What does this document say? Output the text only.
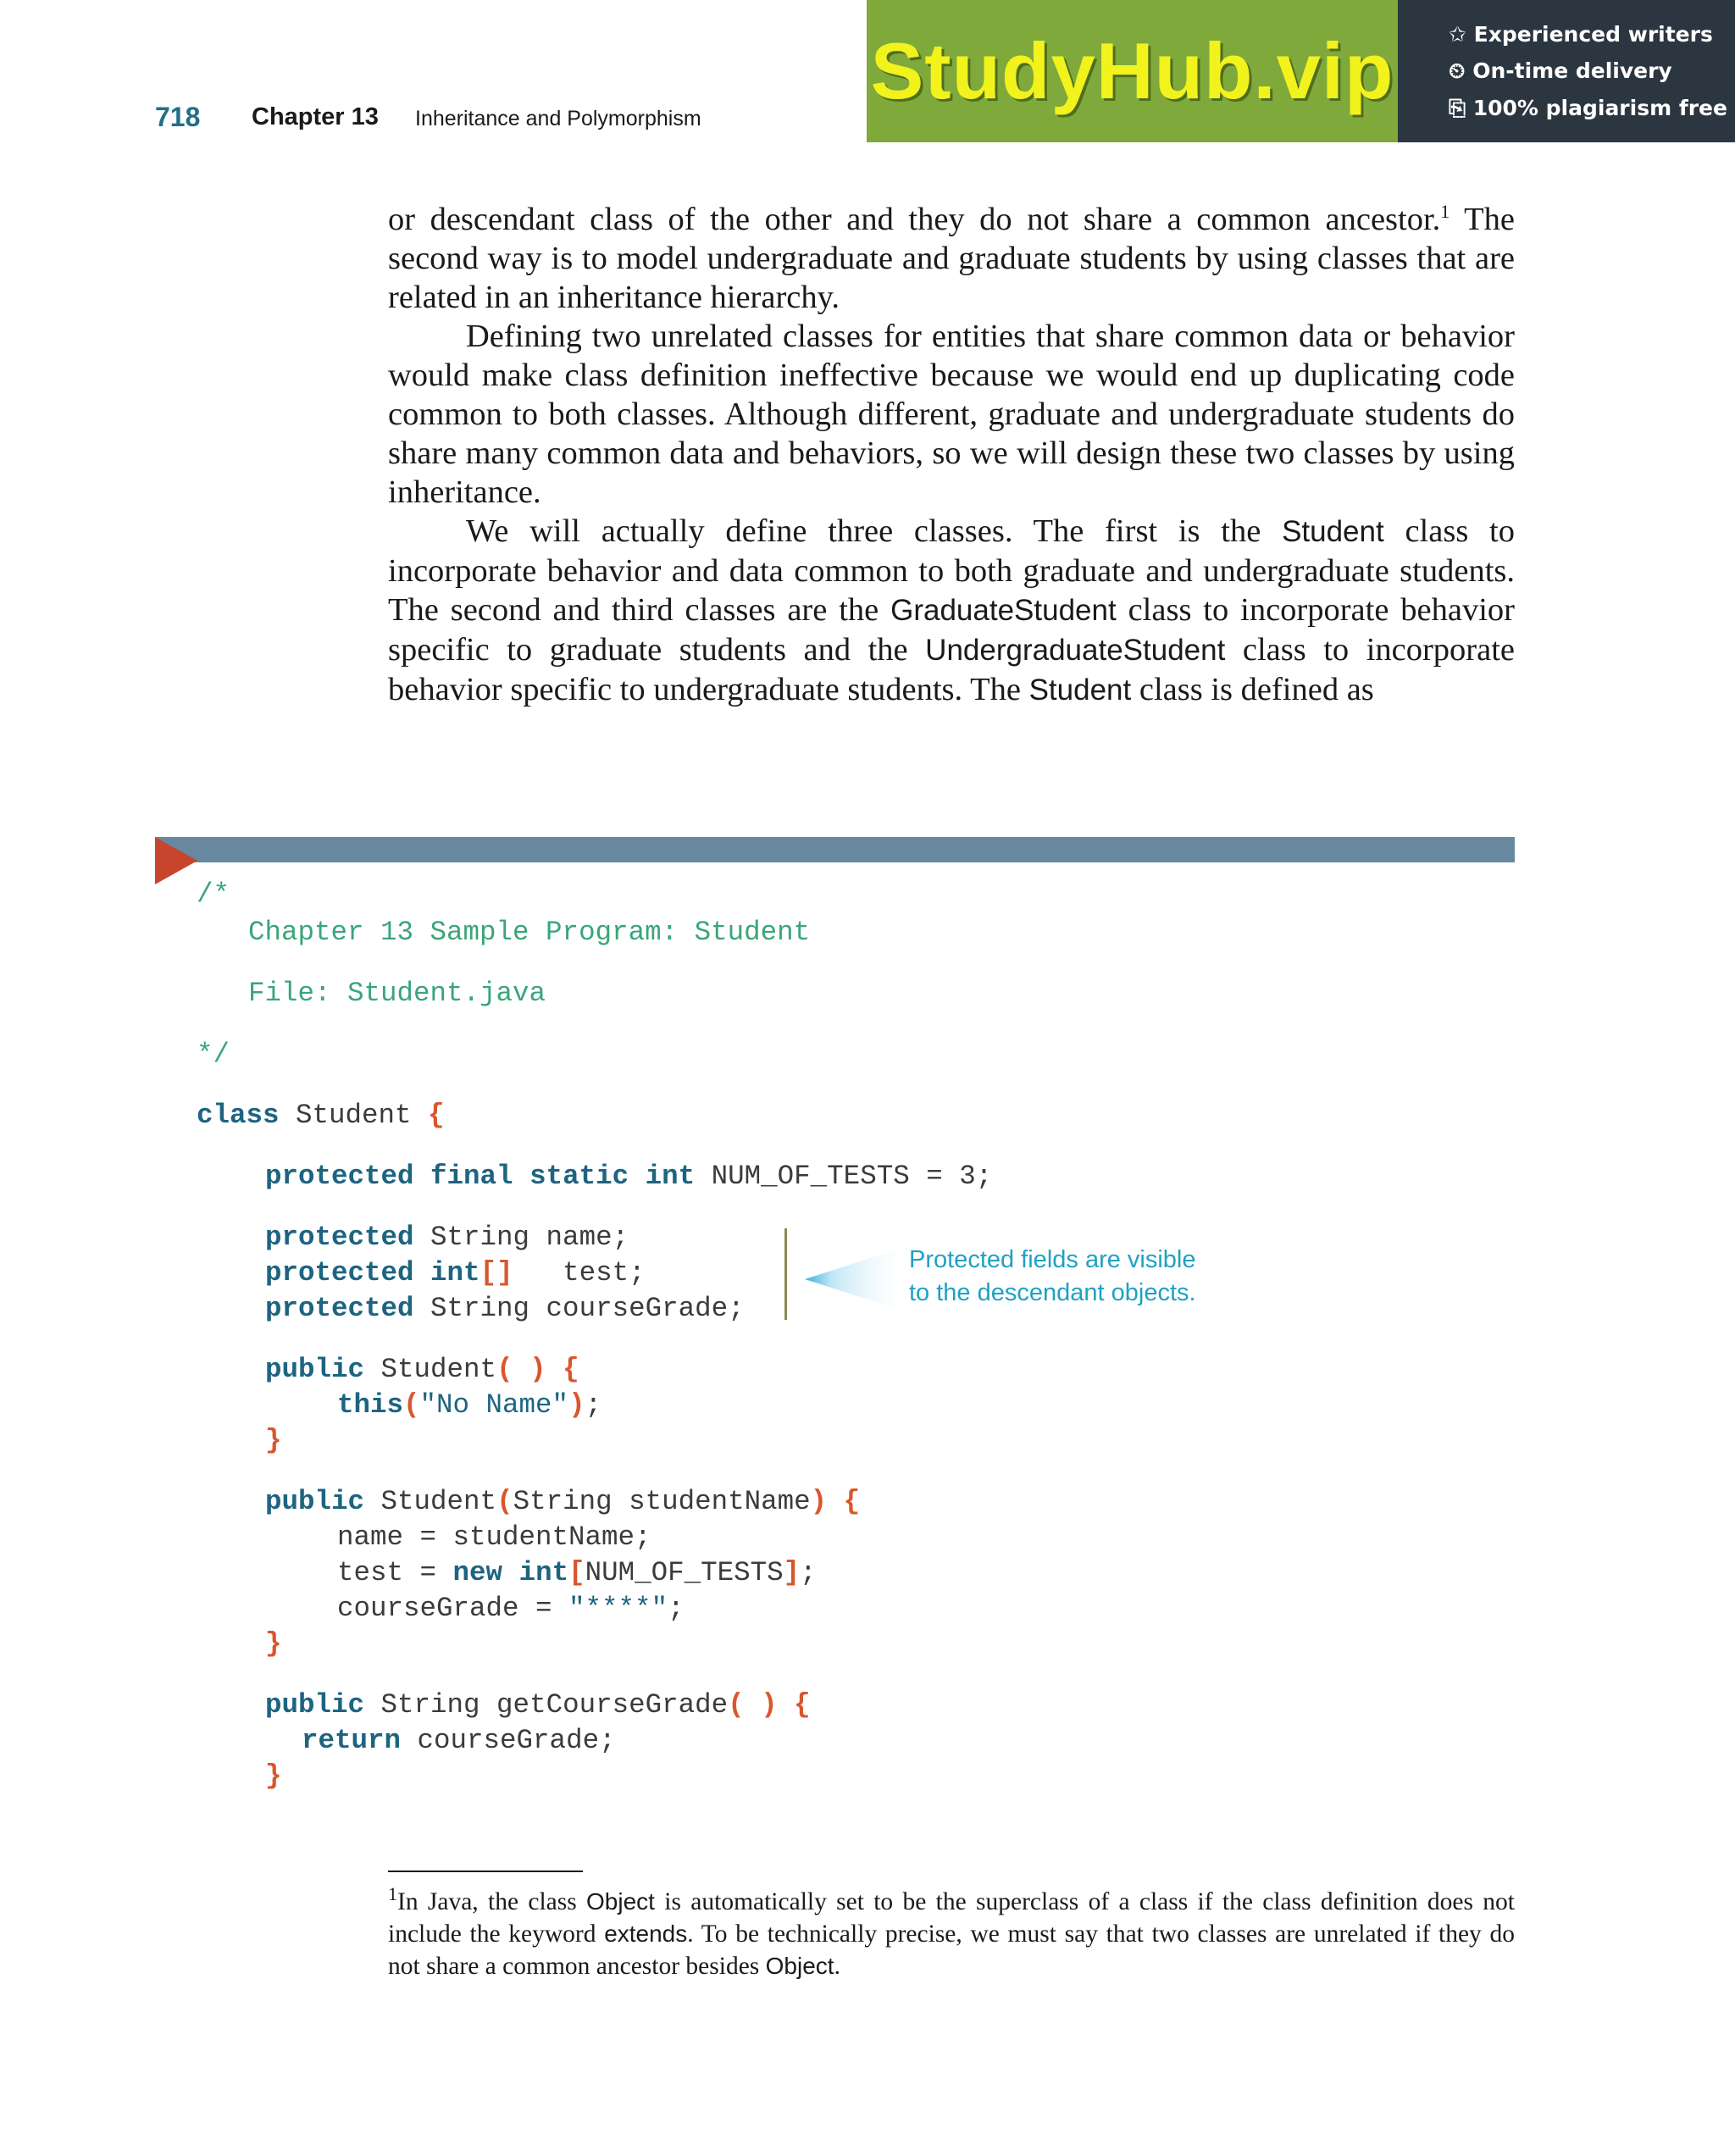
718 Chapter 13 Inheritance and Polymorphism
StudyHub.vip	✩ Experienced writers
⏲ On-time delivery
⎘ 100% plagiarism free

or descendant class of the other and they do not share a common ancestor.$^1$ The second way is to model undergraduate and graduate students by using classes that are related in an inheritance hierarchy.

Defining two unrelated classes for entities that share common data or behavior would make class definition ineffective because we would end up duplicating code common to both classes. Although different, graduate and undergraduate students do share many common data and behaviors, so we will design these two classes by using inheritance.

We will actually define three classes. The first is the Student class to incorporate behavior and data common to both graduate and undergraduate students. The second and third classes are the GraduateStudent class to incorporate behavior specific to graduate students and the UndergraduateStudent class to incorporate behavior specific to undergraduate students. The Student class is defined as

/*
Chapter 13 Sample Program: Student
File: Student.java
*/
class Student {
protected final static int NUM_OF_TESTS = 3;
protected String name;
protected int[]   test;
protected String courseGrade;
Protected fields are visible
to the descendant objects.
public Student( ) {
this("No Name");
}
public Student(String studentName) {
name = studentName;
test = new int[NUM_OF_TESTS];
courseGrade = "****";
}
public String getCourseGrade( ) {
return courseGrade;
}
$^1$In Java, the class Object is automatically set to be the superclass of a class if the class definition does not include the keyword extends. To be technically precise, we must say that two classes are unrelated if they do not share a common ancestor besides Object.
